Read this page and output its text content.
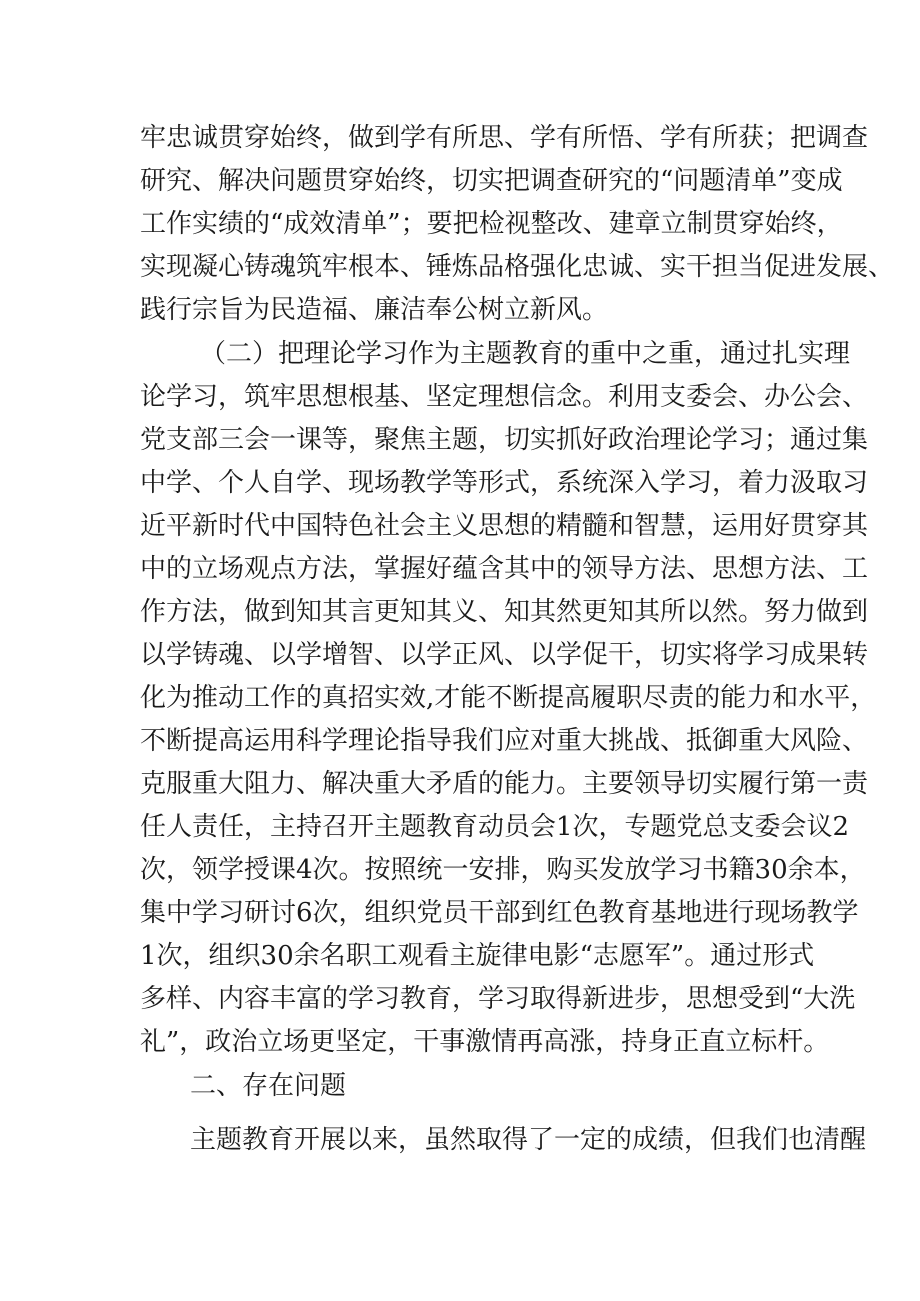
牢忠诚贯穿始终，做到学有所思、学有所悟、学有所获；把调查
研究、解决问题贯穿始终，切实把调查研究的“问题清单”变成
工作实绩的“成效清单”；要把检视整改、建章立制贯穿始终，
实现凝心铸魂筑牢根本、锤炼品格强化忠诚、实干担当促进发展、
践行宗旨为民造福、廉洁奉公树立新风。
（二）把理论学习作为主题教育的重中之重，通过扎实理
论学习，筑牢思想根基、坚定理想信念。利用支委会、办公会、
党支部三会一课等，聚焦主题，切实抓好政治理论学习；通过集
中学、个人自学、现场教学等形式，系统深入学习，着力汲取习
近平新时代中国特色社会主义思想的精髓和智慧，运用好贯穿其
中的立场观点方法，掌握好蕴含其中的领导方法、思想方法、工
作方法，做到知其言更知其义、知其然更知其所以然。努力做到
以学铸魂、以学增智、以学正风、以学促干，切实将学习成果转
化为推动工作的真招实效,才能不断提高履职尽责的能力和水平，
不断提高运用科学理论指导我们应对重大挑战、抵御重大风险、
克服重大阻力、解决重大矛盾的能力。主要领导切实履行第一责
任人责任，主持召开主题教育动员会1次，专题党总支委会议2
次，领学授课4次。按照统一安排，购买发放学习书籍30余本，
集中学习研讨6次，组织党员干部到红色教育基地进行现场教学
1次，组织30余名职工观看主旋律电影“志愿军”。通过形式
多样、内容丰富的学习教育，学习取得新进步，思想受到“大洗
礼”，政治立场更坚定，干事激情再高涨，持身正直立标杆。
二、存在问题
主题教育开展以来，虽然取得了一定的成绩，但我们也清醒
